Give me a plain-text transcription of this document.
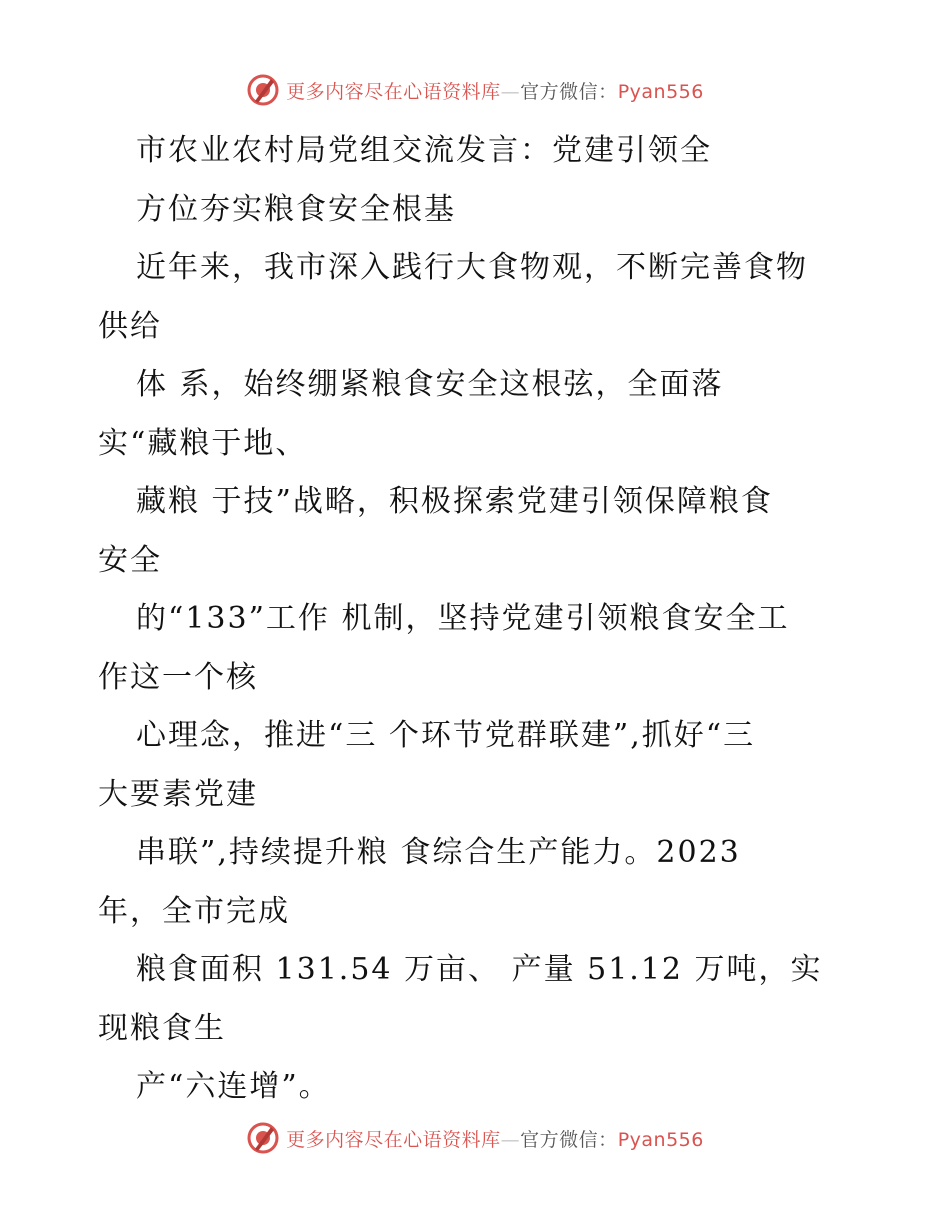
更多内容尽在心语资料库—官方微信：Pyan556
市农业农村局党组交流发言：党建引领全
方位夯实粮食安全根基
近年来，我市深入践行大食物观，不断完善食物
供给
体 系，始终绷紧粮食安全这根弦，全面落
实“藏粮于地、
藏粮 于技”战略，积极探索党建引领保障粮食
安全
的“133”工作 机制，坚持党建引领粮食安全工
作这一个核
心理念，推进“三 个环节党群联建”,抓好“三
大要素党建
串联”,持续提升粮 食综合生产能力。2023
年，全市完成
粮食面积 131.54 万亩、 产量 51.12 万吨，实
现粮食生
产“六连增”。
更多内容尽在心语资料库—官方微信：Pyan556
